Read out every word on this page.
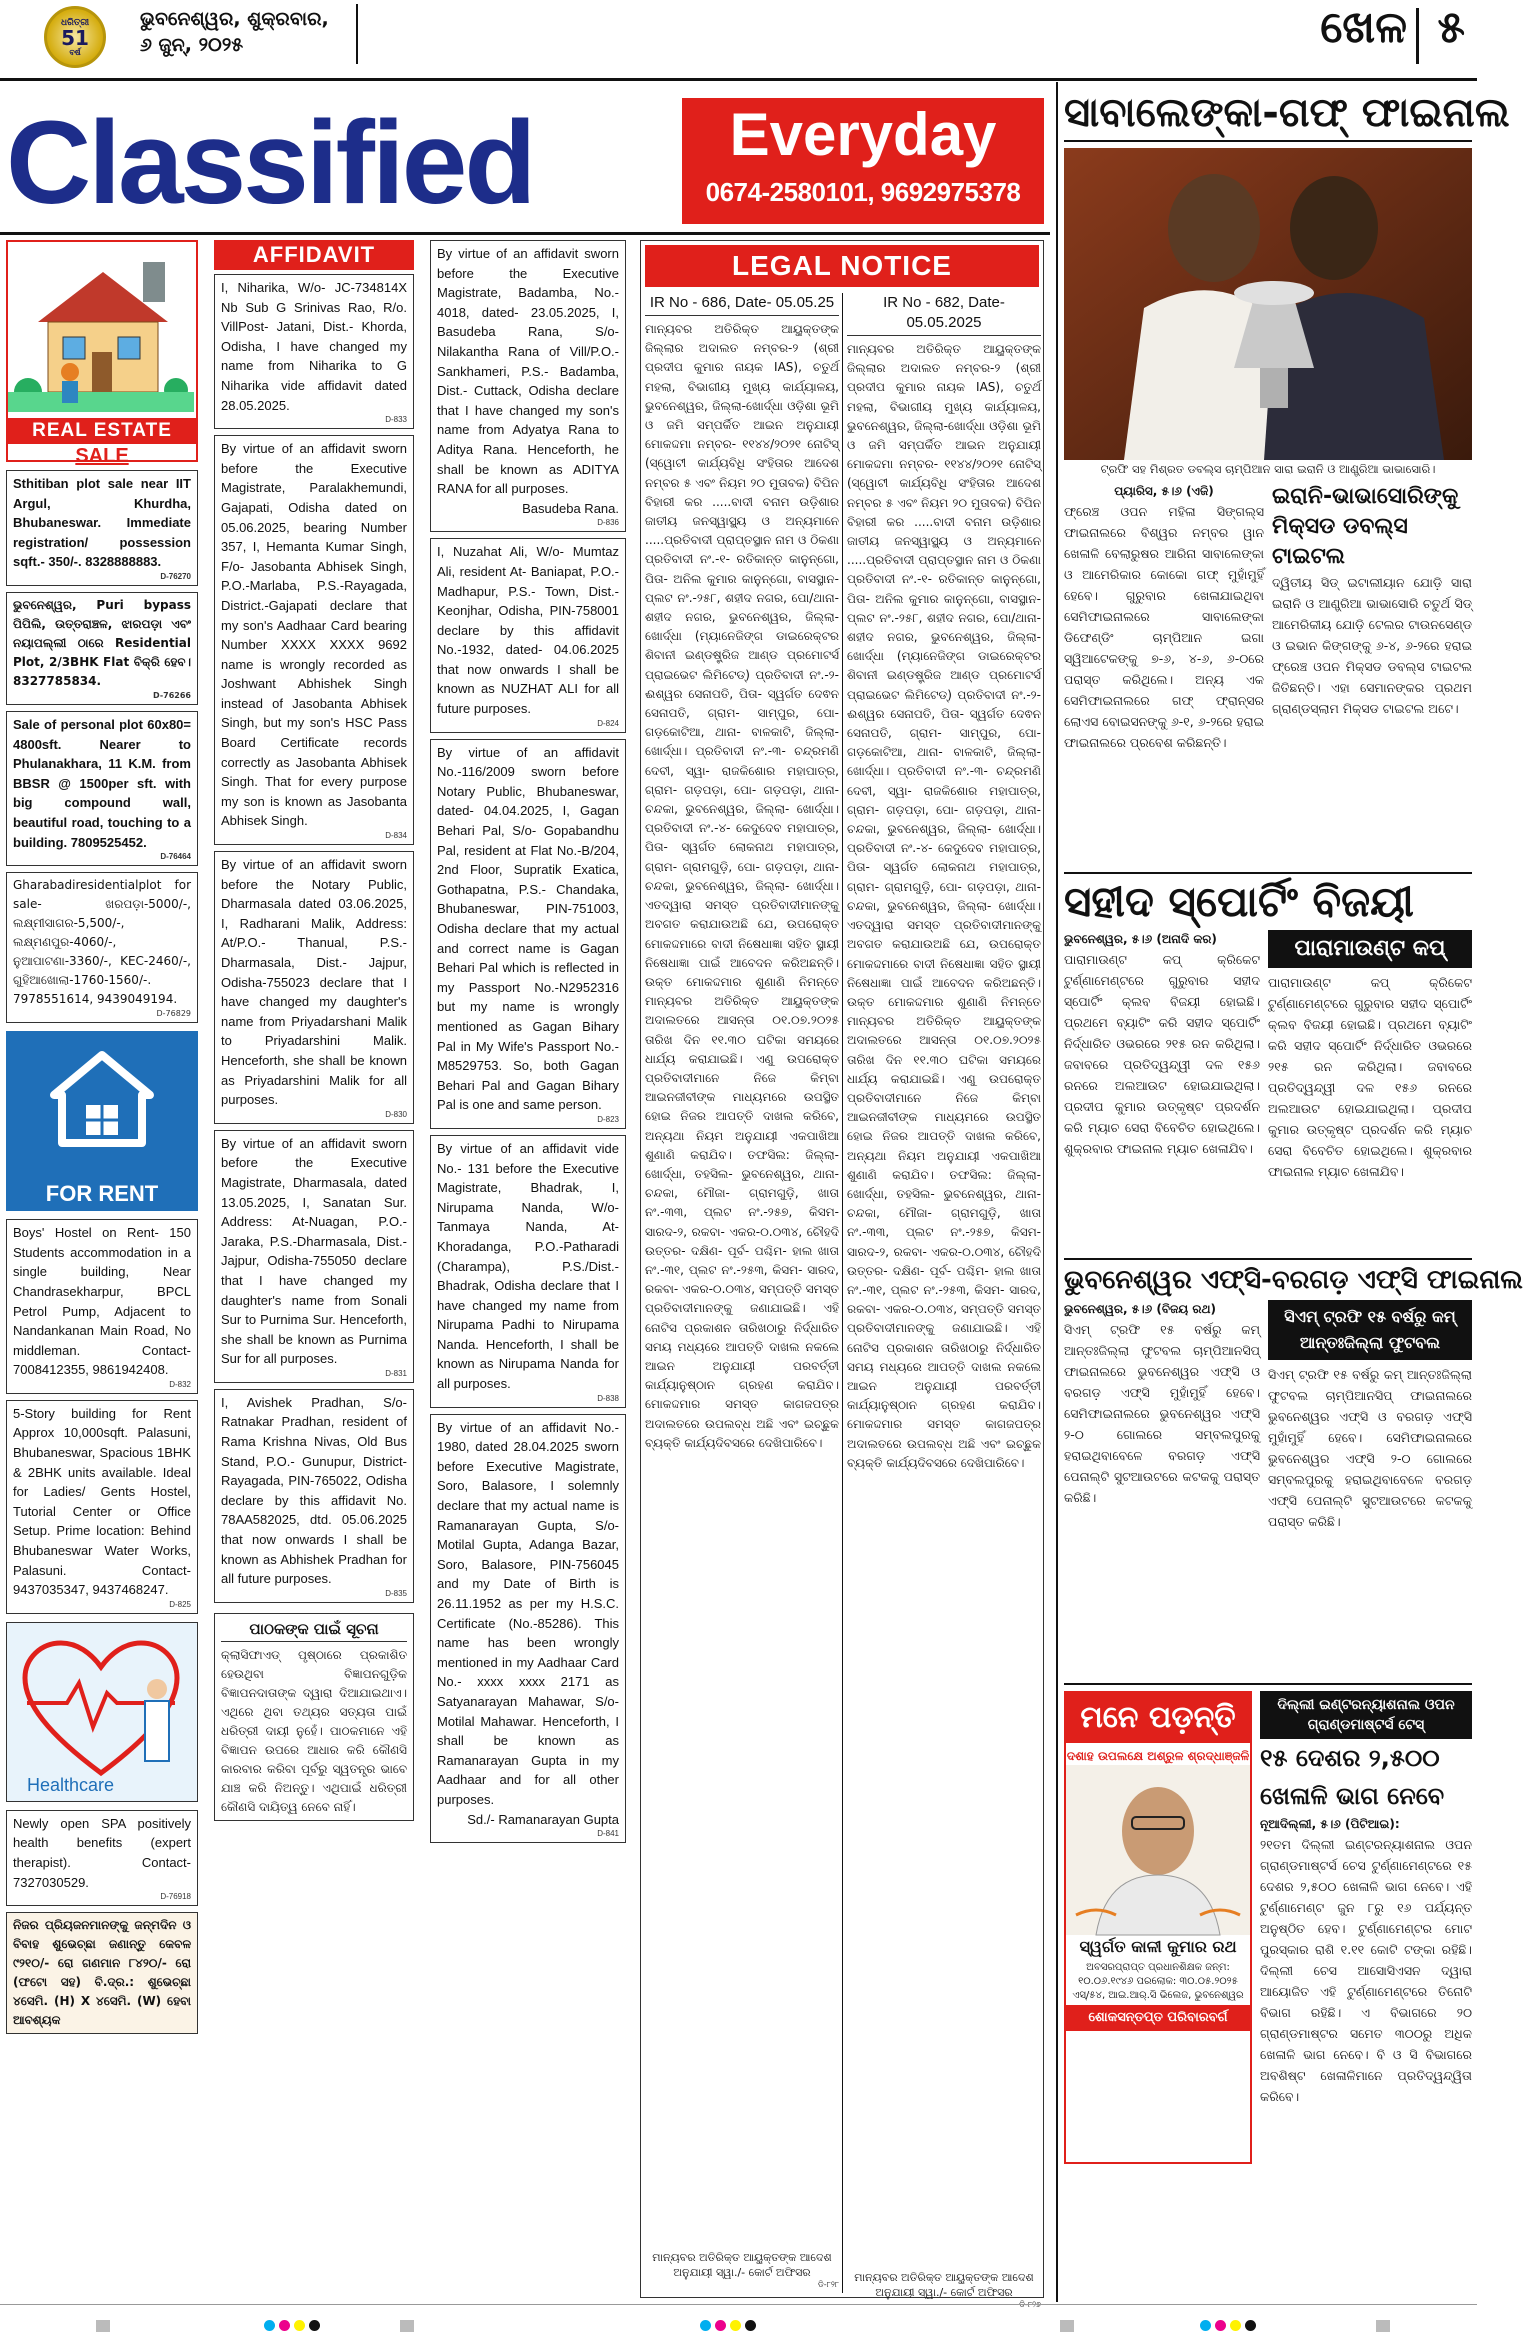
ଧରିତ୍ରୀ
51
ବର୍ଷ
ଭୁବନେଶ୍ୱର, ଶୁକ୍ରବାର,
୬ ଜୁନ୍, ୨୦୨୫	ଖେଳ ୫
Classified	Everyday
0674-2580101, 9692975378
REAL ESTATE
SALE
Sthitiban plot sale near IIT Argul, Khurdha, Bhubaneswar. Immediate registration/ possession sqft.- 350/-. 8328888883.
D-76270
ଭୁବନେଶ୍ୱର, Puri bypass ପିପିଲି, ଉତ୍ତରାଞ୍ଚଳ, ଝାରପଡ଼ା ଏବଂ ନୟାପଲ୍ଲୀ ଠାରେ Residential Plot, 2/3BHK Flat ବିକ୍ରି ହେବ। 8327785834.
D-76266
Sale of personal plot 60x80= 4800sft. Nearer to Phulanakhara, 11 K.M. from BBSR @ 1500per sft. with big compound wall, beautiful road, touching to a building. 7809525452.
D-76464
Gharabadiresidentialplot for sale- ଖରପଡ଼ା-5000/-, ଲକ୍ଷ୍ମୀସାଗର-5,500/-, ଲକ୍ଷ୍ମଣପୁର-4060/-, ନୁଆପାଟଣା-3360/-, KEC-2460/-, ଗୁହିଆଖୋଲା-1760-1560/-. 7978551614, 9439049194.
D-76829
FOR RENT
Boys' Hostel on Rent- 150 Students accommodation in a single building, Near Chandrasekharpur, BPCL Petrol Pump, Adjacent to Nandankanan Main Road, No middleman. Contact- 7008412355, 9861942408.
D-832
5-Story building for Rent Approx 10,000sqft. Palasuni, Bhubaneswar, Spacious 1BHK & 2BHK units available. Ideal for Ladies/ Gents Hostel, Tutorial Center or Office Setup. Prime location: Behind Bhubaneswar Water Works, Palasuni. Contact- 9437035347, 9437468247.
D-825
Healthcare
Newly open SPA positively health benefits (expert therapist). Contact- 7327030529.
D-76918
ନିଜର ପ୍ରିୟଜନମାନଙ୍କୁ ଜନ୍ମଦିନ ଓ ବିବାହ ଶୁଭେଚ୍ଛା ଜଣାନ୍ତୁ କେବଳ ୯୨୧୦/- ରୋ ଗଣମାନ ୮୪୨୦/- ରୋ (ଫଟୋ ସହ) ବି.ଦ୍ର.: ଶୁଭେଚ୍ଛା ୪ସେମି. (H) X ୪ସେମି. (W) ହେବା ଆବଶ୍ୟକ
AFFIDAVIT
I, Niharika, W/o- JC-734814X Nb Sub G Srinivas Rao, R/o. VillPost- Jatani, Dist.- Khorda, Odisha, I have changed my name from Niharika to G Niharika vide affidavit dated 28.05.2025.
D-833
By virtue of an affidavit sworn before the Executive Magistrate, Paralakhemundi, Gajapati, Odisha dated on 05.06.2025, bearing Number 357, I, Hemanta Kumar Singh, F/o- Jasobanta Abhisek Singh, P.O.-Marlaba, P.S.-Rayagada, District.-Gajapati declare that my son's Aadhaar Card bearing Number XXXX XXXX 9692 name is wrongly recorded as Joshwant Abhishek Singh instead of Jasobanta Abhisek Singh, but my son's HSC Pass Board Certificate records correctly as Jasobanta Abhisek Singh. That for every purpose my son is known as Jasobanta Abhisek Singh.
D-834
By virtue of an affidavit sworn before the Notary Public, Dharmasala dated 03.06.2025, I, Radharani Malik, Address: At/P.O.- Thanual, P.S.- Dharmasala, Dist.- Jajpur, Odisha-755023 declare that I have changed my daughter's name from Priyadarshani Malik to Priyadarshini Malik. Henceforth, she shall be known as Priyadarshini Malik for all purposes.
D-830
By virtue of an affidavit sworn before the Executive Magistrate, Dharmasala, dated 13.05.2025, I, Sanatan Sur. Address: At-Nuagan, P.O.-Jaraka, P.S.-Dharmasala, Dist.- Jajpur, Odisha-755050 declare that I have changed my daughter's name from Sonali Sur to Purnima Sur. Henceforth, she shall be known as Purnima Sur for all purposes.
D-831
I, Avishek Pradhan, S/o- Ratnakar Pradhan, resident of Rama Krishna Nivas, Old Bus Stand, P.O.- Gunupur, District- Rayagada, PIN-765022, Odisha declare by this affidavit No. 78AA582025, dtd. 05.06.2025 that now onwards I shall be known as Abhishek Pradhan for all future purposes.
D-835
ପାଠକଙ୍କ ପାଇଁ ସୂଚନା
କ୍ଲାସିଫାଏଡ୍ ପୃଷ୍ଠାରେ ପ୍ରକାଶିତ ହେଉଥିବା ବିଜ୍ଞାପନଗୁଡ଼ିକ ବିଜ୍ଞାପନଦାତାଙ୍କ ଦ୍ୱାରା ଦିଆଯାଇଥାଏ। ଏଥିରେ ଥିବା ତଥ୍ୟର ସତ୍ୟତା ପାଇଁ ଧରିତ୍ରୀ ଦାୟୀ ନୁହେଁ। ପାଠକମାନେ ଏହି ବିଜ୍ଞାପନ ଉପରେ ଆଧାର କରି କୌଣସି କାରବାର କରିବା ପୂର୍ବରୁ ସ୍ୱତନ୍ତ୍ର ଭାବେ ଯାଞ୍ଚ କରି ନିଅନ୍ତୁ। ଏଥିପାଇଁ ଧରିତ୍ରୀ କୌଣସି ଦାୟିତ୍ୱ ନେବେ ନାହିଁ।
By virtue of an affidavit sworn before the Executive Magistrate, Badamba, No.- 4018, dated- 23.05.2025, I, Basudeba Rana, S/o- Nilakantha Rana of Vill/P.O.- Sankhameri, P.S.- Badamba, Dist.- Cuttack, Odisha declare that I have changed my son's name from Adyatya Rana to Aditya Rana. Henceforth, he shall be known as ADITYA RANA for all purposes.
Basudeba Rana.
D-836
I, Nuzahat Ali, W/o- Mumtaz Ali, resident At- Baniapat, P.O.- Madhapur, P.S.- Town, Dist.- Keonjhar, Odisha, PIN-758001 declare by this affidavit No.-1932, dated- 04.06.2025 that now onwards I shall be known as NUZHAT ALI for all future purposes.
D-824
By virtue of an affidavit No.-116/2009 sworn before Notary Public, Bhubaneswar, dated- 04.04.2025, I, Gagan Behari Pal, S/o- Gopabandhu Pal, resident at Flat No.-B/204, 2nd Floor, Supratik Exatica, Gothapatna, P.S.- Chandaka, Bhubaneswar, PIN-751003, Odisha declare that my actual and correct name is Gagan Behari Pal which is reflected in my Passport No.-N2952316 but my name is wrongly mentioned as Gagan Bihary Pal in My Wife's Passport No.-M8529753. So, both Gagan Behari Pal and Gagan Bihary Pal is one and same person.
D-823
By virtue of an affidavit vide No.- 131 before the Executive Magistrate, Bhadrak, I, Nirupama Nanda, W/o- Tanmaya Nanda, At- Khoradanga, P.O.-Patharadi (Charampa), P.S./Dist.- Bhadrak, Odisha declare that I have changed my name from Nirupama Padhi to Nirupama Nanda. Henceforth, I shall be known as Nirupama Nanda for all purposes.
D-838
By virtue of an affidavit No.- 1980, dated 28.04.2025 sworn before Executive Magistrate, Soro, Balasore, I solemnly declare that my actual name is Ramanarayan Gupta, S/o- Motilal Gupta, Adanga Bazar, Soro, Balasore, PIN-756045 and my Date of Birth is 26.11.1952 as per my H.S.C. Certificate (No.-85286). This name has been wrongly mentioned in my Aadhaar Card No.- xxxx xxxx 2171 as Satyanarayan Mahawar, S/o- Motilal Mahawar. Henceforth, I shall be known as Ramanarayan Gupta in my Aadhaar and for all other purposes.
Sd./- Ramanarayan Gupta
D-841
LEGAL NOTICE
IR No - 686, Date- 05.05.25
ମାନ୍ୟବର ଅତିରିକ୍ତ ଆୟୁକ୍ତଙ୍କ ଜିଲ୍ଲାର ଅଦାଲତ ନମ୍ବର-୨ (ଶ୍ରୀ ପ୍ରଦୀପ କୁମାର ନାୟକ IAS), ଚତୁର୍ଥ ମହଲା, ବିଭାଗୀୟ ମୁଖ୍ୟ କାର୍ଯ୍ୟାଳୟ, ଭୁବନେଶ୍ୱର, ଜିଲ୍ଲା-ଖୋର୍ଦ୍ଧା ଓଡ଼ିଶା ଭୂମି ଓ ଜମି ସମ୍ପର୍କିତ ଆଇନ ଅନୁଯାୟୀ ମୋକଦ୍ଦମା ନମ୍ବର- ୧୧୪୪/୨୦୨୧ ନୋଟିସ୍ (ସ୍ୱୋଟୀ କାର୍ଯ୍ୟବିଧି ସଂହିତାର ଆଦେଶ ନମ୍ବର ୫ ଏବଂ ନିୟମ ୨୦ ମୁତାବକ) ବିପିନ ବିହାରୀ କର .....ବାଦୀ ବନାମ ଉଡ଼ିଶାର ଜାତୀୟ ଜନସ୍ୱାସ୍ଥ୍ୟ ଓ ଅନ୍ୟମାନେ .....ପ୍ରତିବାଦୀ ପ୍ରାପ୍ତସ୍ଥାନ ନାମ ଓ ଠିକଣା ପ୍ରତିବାଦୀ ନଂ.-୧- ରତିକାନ୍ତ କାନୁନ୍‌ଗୋ, ପିତା- ଅନିଲ କୁମାର କାନୁନ୍‌ଗୋ, ବାସସ୍ଥାନ- ପ୍ଲଟ ନଂ.-୨୫୮, ଶହୀଦ ନଗର, ପୋ/ଥାନା- ଶହୀଦ ନଗର, ଭୁବନେଶ୍ୱର, ଜିଲ୍ଲା- ଖୋର୍ଦ୍ଧା (ମ୍ୟାନେଜିଙ୍ଗ ଡାଇରେକ୍ଟର ଶିବାନୀ ଇଣ୍ଡଷ୍ଟ୍ରିଜ ଆଣ୍ଡ ପ୍ରମୋଟର୍ସ ପ୍ରାଇଭେଟ ଲିମିଟେଡ୍) ପ୍ରତିବାଦୀ ନଂ.-୨- ଈଶ୍ୱର ସେନାପତି, ପିତା- ସ୍ୱର୍ଗତ ଦେଵନ ସେନାପତି, ଗ୍ରାମ- ସାମ୍ପୁର, ପୋ- ଗଡ଼କୋଟିଆ, ଥାନା- ବାଳକାଟି, ଜିଲ୍ଲା- ଖୋର୍ଦ୍ଧା। ପ୍ରତିବାଦୀ ନଂ.-୩- ଚନ୍ଦ୍ରମଣି ଦେବୀ, ସ୍ୱା- ରାଜକିଶୋର ମହାପାତ୍ର, ଗ୍ରାମ- ଗଡ଼ପଡ଼ା, ପୋ- ଗଡ଼ପଡ଼ା, ଥାନା- ଚନ୍ଦକା, ଭୁବନେଶ୍ୱର, ଜିଲ୍ଲା- ଖୋର୍ଦ୍ଧା। ପ୍ରତିବାଦୀ ନଂ.-୪- କେଦୁଦେବ ମହାପାତ୍ର, ପିତା- ସ୍ୱର୍ଗତ ଲୋକନାଥ ମହାପାତ୍ର, ଗ୍ରାମ- ଗ୍ରାମଗୁଡ଼ି, ପୋ- ଗଡ଼ପଡ଼ା, ଥାନା- ଚନ୍ଦକା, ଭୁବନେଶ୍ୱର, ଜିଲ୍ଲା- ଖୋର୍ଦ୍ଧା। ଏତଦ୍ୱାରା ସମସ୍ତ ପ୍ରତିବାଦୀମାନଙ୍କୁ ଅବଗତ କରାଯାଉଅଛି ଯେ, ଉପରୋକ୍ତ ମୋକଦ୍ଦମାରେ ବାଦୀ ନିଷେଧାଜ୍ଞା ସହିତ ସ୍ଥାୟୀ ନିଷେଧାଜ୍ଞା ପାଇଁ ଆବେଦନ କରିଅଛନ୍ତି। ଉକ୍ତ ମୋକଦ୍ଦମାର ଶୁଣାଣି ନିମନ୍ତେ ମାନ୍ୟବର ଅତିରିକ୍ତ ଆୟୁକ୍ତଙ୍କ ଅଦାଲତରେ ଆସନ୍ତା ୦୧.୦୭.୨୦୨୫ ତାରିଖ ଦିନ ୧୧.୩୦ ଘଟିକା ସମୟରେ ଧାର୍ଯ୍ୟ କରାଯାଇଛି। ଏଣୁ ଉପରୋକ୍ତ ପ୍ରତିବାଦୀମାନେ ନିଜେ କିମ୍ବା ଆଇନଜୀବୀଙ୍କ ମାଧ୍ୟମରେ ଉପସ୍ଥିତ ହୋଇ ନିଜର ଆପତ୍ତି ଦାଖଲ କରିବେ, ଅନ୍ୟଥା ନିୟମ ଅନୁଯାୟୀ ଏକପାଖିଆ ଶୁଣାଣି କରାଯିବ। ତଫସିଲ: ଜିଲ୍ଲା- ଖୋର୍ଦ୍ଧା, ତହସିଲ- ଭୁବନେଶ୍ୱର, ଥାନା- ଚନ୍ଦକା, ମୌଜା- ଗ୍ରାମଗୁଡ଼ି, ଖାତା ନଂ.-୩୩, ପ୍ଲଟ ନଂ.-୨୫୭, କିସମ- ସାରଦ-୨, ରକବା- ଏକର-୦.୦୩୪, ଚୌହଦି ଉତ୍ତର- ଦକ୍ଷିଣ- ପୂର୍ବ- ପଶ୍ଚିମ- ହାଲ ଖାତା ନଂ.-୩୧, ପ୍ଲଟ ନଂ.-୨୫୩, କିସମ- ସାରଦ, ରକବା- ଏକର-୦.୦୩୪, ସମ୍ପତ୍ତି ସମସ୍ତ ପ୍ରତିବାଦୀମାନଙ୍କୁ ଜଣାଯାଇଛି। ଏହି ନୋଟିସ ପ୍ରକାଶନ ତାରିଖଠାରୁ ନିର୍ଦ୍ଧାରିତ ସମୟ ମଧ୍ୟରେ ଆପତ୍ତି ଦାଖଲ ନକଲେ ଆଇନ ଅନୁଯାୟୀ ପରବର୍ତ୍ତୀ କାର୍ଯ୍ୟାନୁଷ୍ଠାନ ଗ୍ରହଣ କରାଯିବ। ମୋକଦ୍ଦମାର ସମସ୍ତ କାଗଜପତ୍ର ଅଦାଲତରେ ଉପଲବ୍ଧ ଅଛି ଏବଂ ଇଚ୍ଛୁକ ବ୍ୟକ୍ତି କାର୍ଯ୍ୟଦିବସରେ ଦେଖିପାରିବେ।
ମାନ୍ୟବର ଅତିରିକ୍ତ ଆୟୁକ୍ତଙ୍କ ଆଦେଶ ଅନୁଯାୟୀ ସ୍ୱା./- କୋର୍ଟ ଅଫିସର
ଡି-୮୨୮
IR No - 682, Date- 05.05.2025
ମାନ୍ୟବର ଅତିରିକ୍ତ ଆୟୁକ୍ତଙ୍କ ଜିଲ୍ଲାର ଅଦାଲତ ନମ୍ବର-୨ (ଶ୍ରୀ ପ୍ରଦୀପ କୁମାର ନାୟକ IAS), ଚତୁର୍ଥ ମହଲା, ବିଭାଗୀୟ ମୁଖ୍ୟ କାର୍ଯ୍ୟାଳୟ, ଭୁବନେଶ୍ୱର, ଜିଲ୍ଲା-ଖୋର୍ଦ୍ଧା ଓଡ଼ିଶା ଭୂମି ଓ ଜମି ସମ୍ପର୍କିତ ଆଇନ ଅନୁଯାୟୀ ମୋକଦ୍ଦମା ନମ୍ବର- ୧୧୪୪/୨୦୨୧ ନୋଟିସ୍ (ସ୍ୱୋଟୀ କାର୍ଯ୍ୟବିଧି ସଂହିତାର ଆଦେଶ ନମ୍ବର ୫ ଏବଂ ନିୟମ ୨୦ ମୁତାବକ) ବିପିନ ବିହାରୀ କର .....ବାଦୀ ବନାମ ଉଡ଼ିଶାର ଜାତୀୟ ଜନସ୍ୱାସ୍ଥ୍ୟ ଓ ଅନ୍ୟମାନେ .....ପ୍ରତିବାଦୀ ପ୍ରାପ୍ତସ୍ଥାନ ନାମ ଓ ଠିକଣା ପ୍ରତିବାଦୀ ନଂ.-୧- ରତିକାନ୍ତ କାନୁନ୍‌ଗୋ, ପିତା- ଅନିଲ କୁମାର କାନୁନ୍‌ଗୋ, ବାସସ୍ଥାନ- ପ୍ଲଟ ନଂ.-୨୫୮, ଶହୀଦ ନଗର, ପୋ/ଥାନା- ଶହୀଦ ନଗର, ଭୁବନେଶ୍ୱର, ଜିଲ୍ଲା- ଖୋର୍ଦ୍ଧା (ମ୍ୟାନେଜିଙ୍ଗ ଡାଇରେକ୍ଟର ଶିବାନୀ ଇଣ୍ଡଷ୍ଟ୍ରିଜ ଆଣ୍ଡ ପ୍ରମୋଟର୍ସ ପ୍ରାଇଭେଟ ଲିମିଟେଡ୍) ପ୍ରତିବାଦୀ ନଂ.-୨- ଈଶ୍ୱର ସେନାପତି, ପିତା- ସ୍ୱର୍ଗତ ଦେଵନ ସେନାପତି, ଗ୍ରାମ- ସାମ୍ପୁର, ପୋ- ଗଡ଼କୋଟିଆ, ଥାନା- ବାଳକାଟି, ଜିଲ୍ଲା- ଖୋର୍ଦ୍ଧା। ପ୍ରତିବାଦୀ ନଂ.-୩- ଚନ୍ଦ୍ରମଣି ଦେବୀ, ସ୍ୱା- ରାଜକିଶୋର ମହାପାତ୍ର, ଗ୍ରାମ- ଗଡ଼ପଡ଼ା, ପୋ- ଗଡ଼ପଡ଼ା, ଥାନା- ଚନ୍ଦକା, ଭୁବନେଶ୍ୱର, ଜିଲ୍ଲା- ଖୋର୍ଦ୍ଧା। ପ୍ରତିବାଦୀ ନଂ.-୪- କେଦୁଦେବ ମହାପାତ୍ର, ପିତା- ସ୍ୱର୍ଗତ ଲୋକନାଥ ମହାପାତ୍ର, ଗ୍ରାମ- ଗ୍ରାମଗୁଡ଼ି, ପୋ- ଗଡ଼ପଡ଼ା, ଥାନା- ଚନ୍ଦକା, ଭୁବନେଶ୍ୱର, ଜିଲ୍ଲା- ଖୋର୍ଦ୍ଧା। ଏତଦ୍ୱାରା ସମସ୍ତ ପ୍ରତିବାଦୀମାନଙ୍କୁ ଅବଗତ କରାଯାଉଅଛି ଯେ, ଉପରୋକ୍ତ ମୋକଦ୍ଦମାରେ ବାଦୀ ନିଷେଧାଜ୍ଞା ସହିତ ସ୍ଥାୟୀ ନିଷେଧାଜ୍ଞା ପାଇଁ ଆବେଦନ କରିଅଛନ୍ତି। ଉକ୍ତ ମୋକଦ୍ଦମାର ଶୁଣାଣି ନିମନ୍ତେ ମାନ୍ୟବର ଅତିରିକ୍ତ ଆୟୁକ୍ତଙ୍କ ଅଦାଲତରେ ଆସନ୍ତା ୦୧.୦୭.୨୦୨୫ ତାରିଖ ଦିନ ୧୧.୩୦ ଘଟିକା ସମୟରେ ଧାର୍ଯ୍ୟ କରାଯାଇଛି। ଏଣୁ ଉପରୋକ୍ତ ପ୍ରତିବାଦୀମାନେ ନିଜେ କିମ୍ବା ଆଇନଜୀବୀଙ୍କ ମାଧ୍ୟମରେ ଉପସ୍ଥିତ ହୋଇ ନିଜର ଆପତ୍ତି ଦାଖଲ କରିବେ, ଅନ୍ୟଥା ନିୟମ ଅନୁଯାୟୀ ଏକପାଖିଆ ଶୁଣାଣି କରାଯିବ। ତଫସିଲ: ଜିଲ୍ଲା- ଖୋର୍ଦ୍ଧା, ତହସିଲ- ଭୁବନେଶ୍ୱର, ଥାନା- ଚନ୍ଦକା, ମୌଜା- ଗ୍ରାମଗୁଡ଼ି, ଖାତା ନଂ.-୩୩, ପ୍ଲଟ ନଂ.-୨୫୭, କିସମ- ସାରଦ-୨, ରକବା- ଏକର-୦.୦୩୪, ଚୌହଦି ଉତ୍ତର- ଦକ୍ଷିଣ- ପୂର୍ବ- ପଶ୍ଚିମ- ହାଲ ଖାତା ନଂ.-୩୧, ପ୍ଲଟ ନଂ.-୨୫୩, କିସମ- ସାରଦ, ରକବା- ଏକର-୦.୦୩୪, ସମ୍ପତ୍ତି ସମସ୍ତ ପ୍ରତିବାଦୀମାନଙ୍କୁ ଜଣାଯାଇଛି। ଏହି ନୋଟିସ ପ୍ରକାଶନ ତାରିଖଠାରୁ ନିର୍ଦ୍ଧାରିତ ସମୟ ମଧ୍ୟରେ ଆପତ୍ତି ଦାଖଲ ନକଲେ ଆଇନ ଅନୁଯାୟୀ ପରବର୍ତ୍ତୀ କାର୍ଯ୍ୟାନୁଷ୍ଠାନ ଗ୍ରହଣ କରାଯିବ। ମୋକଦ୍ଦମାର ସମସ୍ତ କାଗଜପତ୍ର ଅଦାଲତରେ ଉପଲବ୍ଧ ଅଛି ଏବଂ ଇଚ୍ଛୁକ ବ୍ୟକ୍ତି କାର୍ଯ୍ୟଦିବସରେ ଦେଖିପାରିବେ।
ମାନ୍ୟବର ଅତିରିକ୍ତ ଆୟୁକ୍ତଙ୍କ ଆଦେଶ ଅନୁଯାୟୀ ସ୍ୱା./- କୋର୍ଟ ଅଫିସର
ସାବାଲେଙ୍କା-ଗଫ୍ ଫାଇନାଲ
ଟ୍ରଫି ସହ ମିଶ୍ରତ ଡବଲ୍ସ ଚାମ୍ପିଆନ ସାରା ଇରାନି ଓ ଆଣ୍ଡ୍ରିଆ ଭାଭାସୋରି।
ପ୍ୟାରିସ, ୫।୬ (ଏଜି)
ଫ୍ରେଞ୍ଚ ଓପନ ମହିଳା ସିଙ୍ଗଲ୍ସ ଫାଇନାଲରେ ବିଶ୍ୱର ନମ୍ବର ୱାନ ଖେଳାଳି ବେଲାରୁଷର ଆରିନା ସାବାଲେଙ୍କା ଓ ଆମେରିକାର କୋକୋ ଗଫ୍ ମୁହାଁମୁହିଁ ହେବେ। ଗୁରୁବାର ଖେଳାଯାଇଥିବା ସେମିଫାଇନାଲରେ ସାବାଲେଙ୍କା ଡିଫେଣ୍ଡିଂ ଚାମ୍ପିଆନ ଇଗା ସ୍ୱିଆଟେକଙ୍କୁ ୭-୬, ୪-୬, ୬-୦ରେ ପରାସ୍ତ କରିଥିଲେ। ଅନ୍ୟ ଏକ ସେମିଫାଇନାଲରେ ଗଫ୍ ଫ୍ରାନ୍ସର ଲୋଏସ ବୋଇସନଙ୍କୁ ୬-୧, ୬-୨ରେ ହରାଇ ଫାଇନାଲରେ ପ୍ରବେଶ କରିଛନ୍ତି।
ଇରାନି-ଭାଭାସୋରିଙ୍କୁ ମିକ୍ସଡ ଡବଲ୍ସ ଟାଇଟଲ
ଦ୍ୱିତୀୟ ସିଡ୍ ଇଟାଲୀୟାନ ଯୋଡ଼ି ସାରା ଇରାନି ଓ ଆଣ୍ଡ୍ରିଆ ଭାଭାସୋରି ଚତୁର୍ଥ ସିଡ୍ ଆମେରିକୀୟ ଯୋଡ଼ି ଟେଲର ଟାଉନସେଣ୍ଡ ଓ ଇଭାନ କିଙ୍ଗଙ୍କୁ ୬-୪, ୬-୨ରେ ହରାଇ ଫ୍ରେଞ୍ଚ ଓପନ ମିକ୍ସଡ ଡବଲ୍ସ ଟାଇଟଲ ଜିତିଛନ୍ତି। ଏହା ସେମାନଙ୍କର ପ୍ରଥମ ଗ୍ରାଣ୍ଡସ୍ଲାମ ମିକ୍ସଡ ଟାଇଟଲ ଅଟେ।
ସହୀଦ ସ୍ପୋର୍ଟିଂ ବିଜୟୀ
ଭୁବନେଶ୍ୱର, ୫।୬ (ଅନାଦି କର)
ପାରାମାଉଣ୍ଟ କପ୍ କ୍ରିକେଟ ଟୁର୍ଣ୍ଣାମେଣ୍ଟରେ ଗୁରୁବାର ସହୀଦ ସ୍ପୋର୍ଟିଂ କ୍ଲବ ବିଜୟୀ ହୋଇଛି। ପ୍ରଥମେ ବ୍ୟାଟିଂ କରି ସହୀଦ ସ୍ପୋର୍ଟିଂ ନିର୍ଦ୍ଧାରିତ ଓଭରରେ ୨୧୫ ରନ କରିଥିଲା। ଜବାବରେ ପ୍ରତିଦ୍ୱନ୍ଦ୍ୱୀ ଦଳ ୧୫୬ ରନରେ ଅଲଆଉଟ ହୋଇଯାଇଥିଲା। ପ୍ରଦୀପ କୁମାର ଉତ୍କୃଷ୍ଟ ପ୍ରଦର୍ଶନ କରି ମ୍ୟାଚ ସେରା ବିବେଚିତ ହୋଇଥିଲେ। ଶୁକ୍ରବାର ଫାଇନାଲ ମ୍ୟାଚ ଖେଳାଯିବ।
ପାରାମାଉଣ୍ଟ କପ୍
ପାରାମାଉଣ୍ଟ କପ୍ କ୍ରିକେଟ ଟୁର୍ଣ୍ଣାମେଣ୍ଟରେ ଗୁରୁବାର ସହୀଦ ସ୍ପୋର୍ଟିଂ କ୍ଲବ ବିଜୟୀ ହୋଇଛି। ପ୍ରଥମେ ବ୍ୟାଟିଂ କରି ସହୀଦ ସ୍ପୋର୍ଟିଂ ନିର୍ଦ୍ଧାରିତ ଓଭରରେ ୨୧୫ ରନ କରିଥିଲା। ଜବାବରେ ପ୍ରତିଦ୍ୱନ୍ଦ୍ୱୀ ଦଳ ୧୫୬ ରନରେ ଅଲଆଉଟ ହୋଇଯାଇଥିଲା। ପ୍ରଦୀପ କୁମାର ଉତ୍କୃଷ୍ଟ ପ୍ରଦର୍ଶନ କରି ମ୍ୟାଚ ସେରା ବିବେଚିତ ହୋଇଥିଲେ। ଶୁକ୍ରବାର ଫାଇନାଲ ମ୍ୟାଚ ଖେଳାଯିବ।
ଭୁବନେଶ୍ୱର ଏଫ୍‌ସି-ବରଗଡ଼ ଏଫ୍‌ସି ଫାଇନାଲ
ଭୁବନେଶ୍ୱର, ୫।୬ (ବିଜୟ ରଥ)
ସିଏମ୍ ଟ୍ରଫି ୧୫ ବର୍ଷରୁ କମ୍ ଆନ୍ତଃଜିଲ୍ଲା ଫୁଟବଲ ଚାମ୍ପିଆନସିପ୍ ଫାଇନାଲରେ ଭୁବନେଶ୍ୱର ଏଫ୍‌ସି ଓ ବରଗଡ଼ ଏଫ୍‌ସି ମୁହାଁମୁହିଁ ହେବେ। ସେମିଫାଇନାଲରେ ଭୁବନେଶ୍ୱର ଏଫ୍‌ସି ୨-୦ ଗୋଲରେ ସମ୍ବଲପୁରକୁ ହରାଇଥିବାବେଳେ ବରଗଡ଼ ଏଫ୍‌ସି ପେନାଲ୍ଟି ସୁଟଆଉଟରେ କଟକକୁ ପରାସ୍ତ କରିଛି।
ସିଏମ୍ ଟ୍ରଫି ୧୫ ବର୍ଷରୁ କମ୍ ଆନ୍ତଃଜିଲ୍ଲା ଫୁଟବଲ
ସିଏମ୍ ଟ୍ରଫି ୧୫ ବର୍ଷରୁ କମ୍ ଆନ୍ତଃଜିଲ୍ଲା ଫୁଟବଲ ଚାମ୍ପିଆନସିପ୍ ଫାଇନାଲରେ ଭୁବନେଶ୍ୱର ଏଫ୍‌ସି ଓ ବରଗଡ଼ ଏଫ୍‌ସି ମୁହାଁମୁହିଁ ହେବେ। ସେମିଫାଇନାଲରେ ଭୁବନେଶ୍ୱର ଏଫ୍‌ସି ୨-୦ ଗୋଲରେ ସମ୍ବଲପୁରକୁ ହରାଇଥିବାବେଳେ ବରଗଡ଼ ଏଫ୍‌ସି ପେନାଲ୍ଟି ସୁଟଆଉଟରେ କଟକକୁ ପରାସ୍ତ କରିଛି।
ମନେ ପଡ଼ନ୍ତି
ଦଶାହ ଉପଲକ୍ଷେ ଅଶ୍ରୁଳ ଶ୍ରଦ୍ଧାଞ୍ଜଳି
ସ୍ୱର୍ଗତ କାଳୀ କୁମାର ରଥ
ଅବସରପ୍ରାପ୍ତ ପ୍ରଧାନଶିକ୍ଷକ ଜନ୍ମ: ୧୦.୦୬.୧୯୪୬ ପରଲୋକ: ୩୦.୦୫.୨୦୨୫ ଏସ୍/୫୪, ଆଇ.ଆର୍.ସି ଭିଲେଜ, ଭୁବନେଶ୍ୱର
ଶୋକସନ୍ତପ୍ତ ପରିବାରବର୍ଗ
ଦିଲ୍ଲୀ ଇଣ୍ଟରନ୍ୟାଶନାଲ ଓପନ ଗ୍ରାଣ୍ଡମାଷ୍ଟର୍ସ ଟେସ୍‌
୧୫ ଦେଶର ୨,୫୦୦ ଖେଳାଳି ଭାଗ ନେବେ
ନୂଆଦିଲ୍ଲୀ, ୫।୬ (ପିଟିଆଇ):
୨୧ତମ ଦିଲ୍ଲୀ ଇଣ୍ଟରନ୍ୟାଶନାଲ ଓପନ ଗ୍ରାଣ୍ଡମାଷ୍ଟର୍ସ ଚେସ ଟୁର୍ଣ୍ଣାମେଣ୍ଟରେ ୧୫ ଦେଶର ୨,୫୦୦ ଖେଳାଳି ଭାଗ ନେବେ। ଏହି ଟୁର୍ଣ୍ଣାମେଣ୍ଟ ଜୁନ ୮ରୁ ୧୬ ପର୍ଯ୍ୟନ୍ତ ଅନୁଷ୍ଠିତ ହେବ। ଟୁର୍ଣ୍ଣାମେଣ୍ଟର ମୋଟ ପୁରସ୍କାର ରାଶି ୧.୧୧ କୋଟି ଟଙ୍କା ରହିଛି। ଦିଲ୍ଲୀ ଚେସ ଆସୋସିଏସନ ଦ୍ୱାରା ଆୟୋଜିତ ଏହି ଟୁର୍ଣ୍ଣାମେଣ୍ଟରେ ତିନୋଟି ବିଭାଗ ରହିଛି। ଏ ବିଭାଗରେ ୨୦ ଗ୍ରାଣ୍ଡମାଷ୍ଟର ସମେତ ୩୦୦ରୁ ଅଧିକ ଖେଳାଳି ଭାଗ ନେବେ। ବି ଓ ସି ବିଭାଗରେ ଅବଶିଷ୍ଟ ଖେଳାଳିମାନେ ପ୍ରତିଦ୍ୱନ୍ଦ୍ୱିତା କରିବେ।
